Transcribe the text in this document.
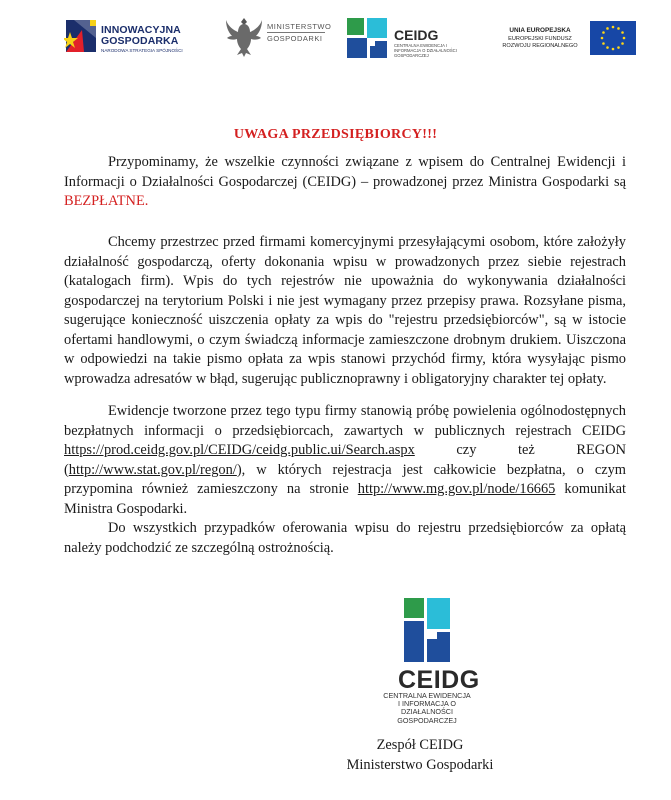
INNOWACYJNA
GOSPODARKA
NARODOWA STRATEGIA SPÓJNOŚCI
MINISTERSTWO
GOSPODARKI	CEIDG
CENTRALNA EWIDENCJA I INFORMACJA O DZIAŁALNOŚCI GOSPODARCZEJ
UNIA EUROPEJSKA
EUROPEJSKI FUNDUSZ
ROZWOJU REGIONALNEGO
UWAGA PRZEDSIĘBIORCY!!!

Przypominamy, że wszelkie czynności związane z wpisem do Centralnej Ewidencji i Informacji o Działalności Gospodarczej (CEIDG) – prowadzonej przez Ministra Gospodarki są BEZPŁATNE.

Chcemy przestrzec przed firmami komercyjnymi przesyłającymi osobom, które założyły działalność gospodarczą, oferty dokonania wpisu w prowadzonych przez siebie rejestrach (katalogach firm). Wpis do tych rejestrów nie upoważnia do wykonywania działalności gospodarczej na terytorium Polski i nie jest wymagany przez przepisy prawa. Rozsyłane pisma, sugerujące konieczność uiszczenia opłaty za wpis do "rejestru przedsiębiorców", są w istocie ofertami handlowymi, o czym świadczą informacje zamieszczone drobnym drukiem. Uiszczona w odpowiedzi na takie pismo opłata za wpis stanowi przychód firmy, która wysyłając pismo wprowadza adresatów w błąd, sugerując publicznoprawny i obligatoryjny charakter tej opłaty.

Ewidencje tworzone przez tego typu firmy stanowią próbę powielenia ogólnodostępnych bezpłatnych informacji o przedsiębiorcach, zawartych w publicznych rejestrach CEIDG https://prod.ceidg.gov.pl/CEIDG/ceidg.public.ui/Search.aspx	czy też REGON (http://www.stat.gov.pl/regon/), w których rejestracja jest całkowicie bezpłatna, o czym przypomina również zamieszczony na stronie http://www.mg.gov.pl/node/16665 komunikat Ministra Gospodarki.

Do wszystkich przypadków oferowania wpisu do rejestru przedsiębiorców za opłatą należy podchodzić ze szczególną ostrożnością.

CEIDG
CENTRALNA EWIDENCJA
I INFORMACJA O DZIAŁALNOŚCI
GOSPODARCZEJ
Zespół CEIDG
Ministerstwo Gospodarki
